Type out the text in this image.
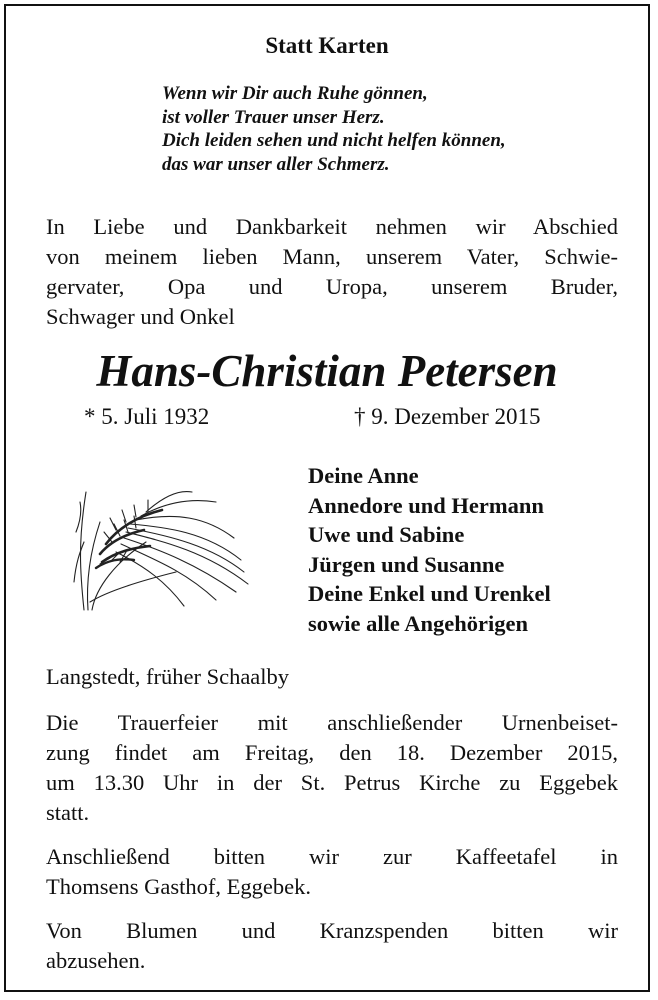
Statt Karten
Wenn wir Dir auch Ruhe gönnen,
ist voller Trauer unser Herz.
Dich leiden sehen und nicht helfen können,
das war unser aller Schmerz.
In Liebe und Dankbarkeit nehmen wir Abschied
von meinem lieben Mann, unserem Vater, Schwie-
gervater, Opa und Uropa, unserem Bruder,
Schwager und Onkel
Hans-Christian Petersen
* 5. Juli 1932	† 9. Dezember 2015
Deine Anne
Annedore und Hermann
Uwe und Sabine
Jürgen und Susanne
Deine Enkel und Urenkel
sowie alle Angehörigen
Langstedt, früher Schaalby
Die Trauerfeier mit anschließender Urnenbeiset-
zung findet am Freitag, den 18. Dezember 2015,
um 13.30 Uhr in der St. Petrus Kirche zu Eggebek
statt.
Anschließend bitten wir zur Kaffeetafel in
Thomsens Gasthof, Eggebek.
Von Blumen und Kranzspenden bitten wir
abzusehen.
